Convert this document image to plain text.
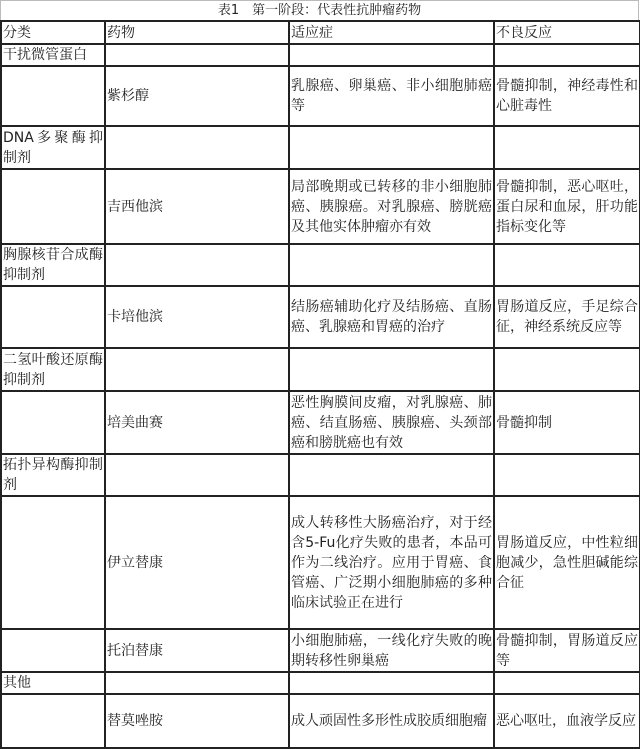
表1　第一阶段：代表性抗肿瘤药物
分类	药物	适应症	不良反应
干扰微管蛋白			
	紫杉醇	乳腺癌、卵巢癌、非小细胞肺癌等	骨髓抑制，神经毒性和心脏毒性
DNA多聚酶抑制剂			
	吉西他滨	局部晚期或已转移的非小细胞肺癌、胰腺癌。对乳腺癌、膀胱癌及其他实体肿瘤亦有效	骨髓抑制，恶心呕吐，蛋白尿和血尿，肝功能指标变化等
胸腺核苷合成酶抑制剂			
	卡培他滨	结肠癌辅助化疗及结肠癌、直肠癌、乳腺癌和胃癌的治疗	胃肠道反应，手足综合征，神经系统反应等
二氢叶酸还原酶抑制剂			
	培美曲赛	恶性胸膜间皮瘤，对乳腺癌、肺癌、结直肠癌、胰腺癌、头颈部癌和膀胱癌也有效	骨髓抑制
拓扑异构酶抑制剂			
	伊立替康	成人转移性大肠癌治疗，对于经含5-Fu化疗失败的患者，本品可作为二线治疗。应用于胃癌、食管癌、广泛期小细胞肺癌的多种临床试验正在进行	胃肠道反应，中性粒细胞减少，急性胆碱能综合征
	托泊替康	小细胞肺癌，一线化疗失败的晚期转移性卵巢癌	骨髓抑制，胃肠道反应等
其他			
	替莫唑胺	成人顽固性多形性成胶质细胞瘤	恶心呕吐，血液学反应
